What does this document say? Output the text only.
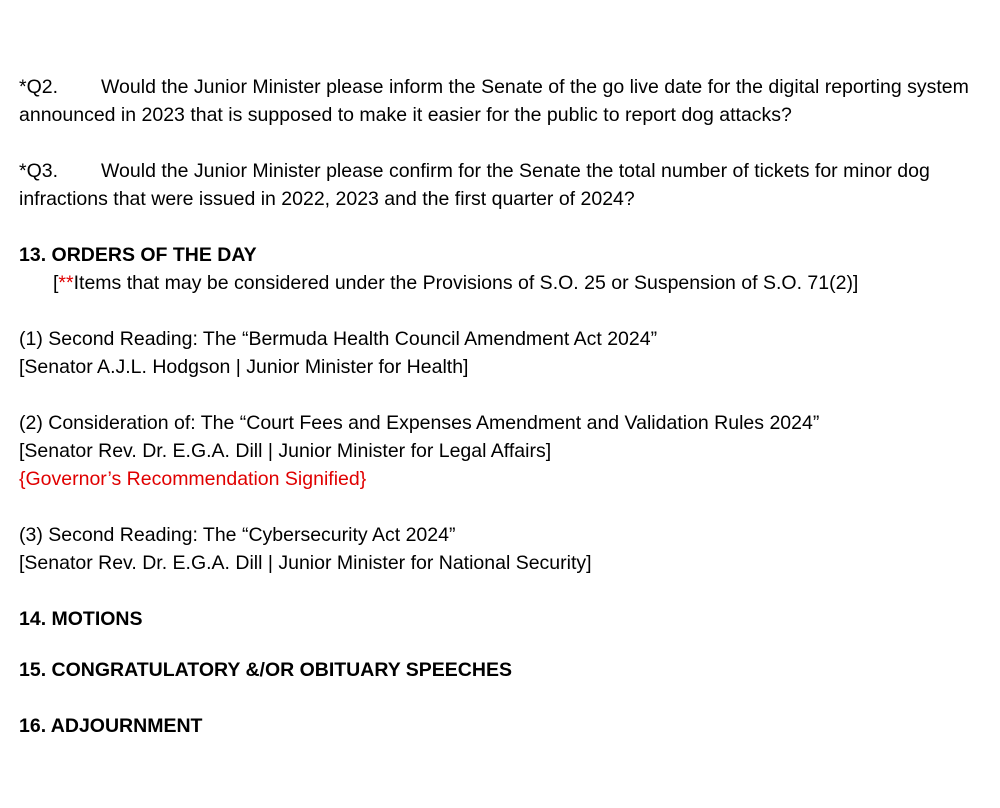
*Q2. Would the Junior Minister please inform the Senate of the go live date for the digital reporting system announced in 2023 that is supposed to make it easier for the public to report dog attacks?

*Q3. Would the Junior Minister please confirm for the Senate the total number of tickets for minor dog infractions that were issued in 2022, 2023 and the first quarter of 2024?

13. ORDERS OF THE DAY

[**Items that may be considered under the Provisions of S.O. 25 or Suspension of S.O. 71(2)]

(1) Second Reading: The “Bermuda Health Council Amendment Act 2024”

[Senator A.J.L. Hodgson | Junior Minister for Health]

(2) Consideration of: The “Court Fees and Expenses Amendment and Validation Rules 2024”

[Senator Rev. Dr. E.G.A. Dill | Junior Minister for Legal Affairs]

{Governor’s Recommendation Signified}

(3) Second Reading: The “Cybersecurity Act 2024”

[Senator Rev. Dr. E.G.A. Dill | Junior Minister for National Security]

14. MOTIONS

15. CONGRATULATORY &/OR OBITUARY SPEECHES

16. ADJOURNMENT
